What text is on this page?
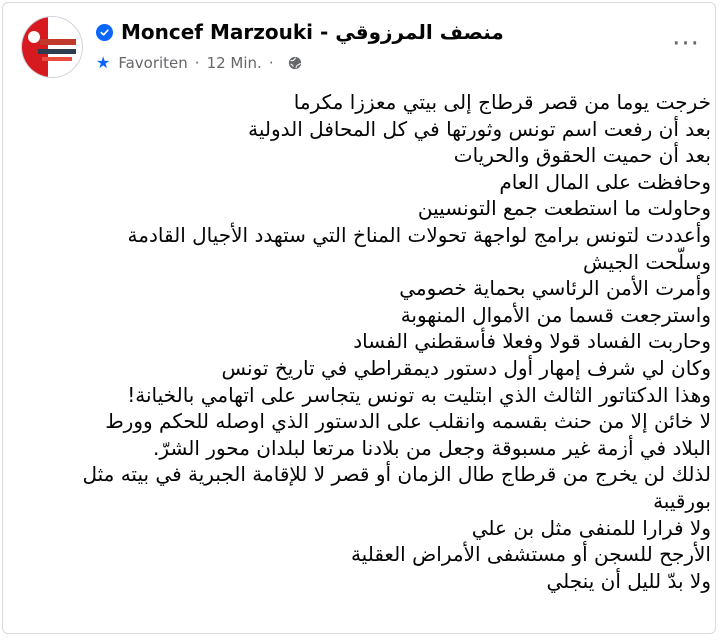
Moncef Marzouki - منصف المرزوقي
★ Favoriten · 12 Min. ·
···
خرجت يوما من قصر قرطاج إلى بيتي معززا مكرما
بعد أن رفعت اسم تونس وثورتها في كل المحافل الدولية
بعد أن حميت الحقوق والحريات
وحافظت على المال العام
وحاولت ما استطعت جمع التونسيين
وأعددت لتونس برامج لواجهة تحولات المناخ التي ستهدد الأجيال القادمة
وسلّحت الجيش
وأمرت الأمن الرئاسي بحماية خصومي
واسترجعت قسما من الأموال المنهوبة
وحاربت الفساد قولا وفعلا فأسقطني الفساد
وكان لي شرف إمهار أول دستور ديمقراطي في تاريخ تونس
وهذا الدكتاتور الثالث الذي ابتليت به تونس يتجاسر على اتهامي بالخيانة!
لا خائن إلا من حنث بقسمه وانقلب على الدستور الذي اوصله للحكم وورط
البلاد في أزمة غير مسبوقة وجعل من بلادنا مرتعا لبلدان محور الشرّ.
لذلك لن يخرج من قرطاج طال الزمان أو قصر لا للإقامة الجبرية في بيته مثل
بورقيبة
ولا فرارا للمنفى مثل بن علي
الأرجح للسجن أو مستشفى الأمراض العقلية
ولا بدّ لليل أن ينجلي
